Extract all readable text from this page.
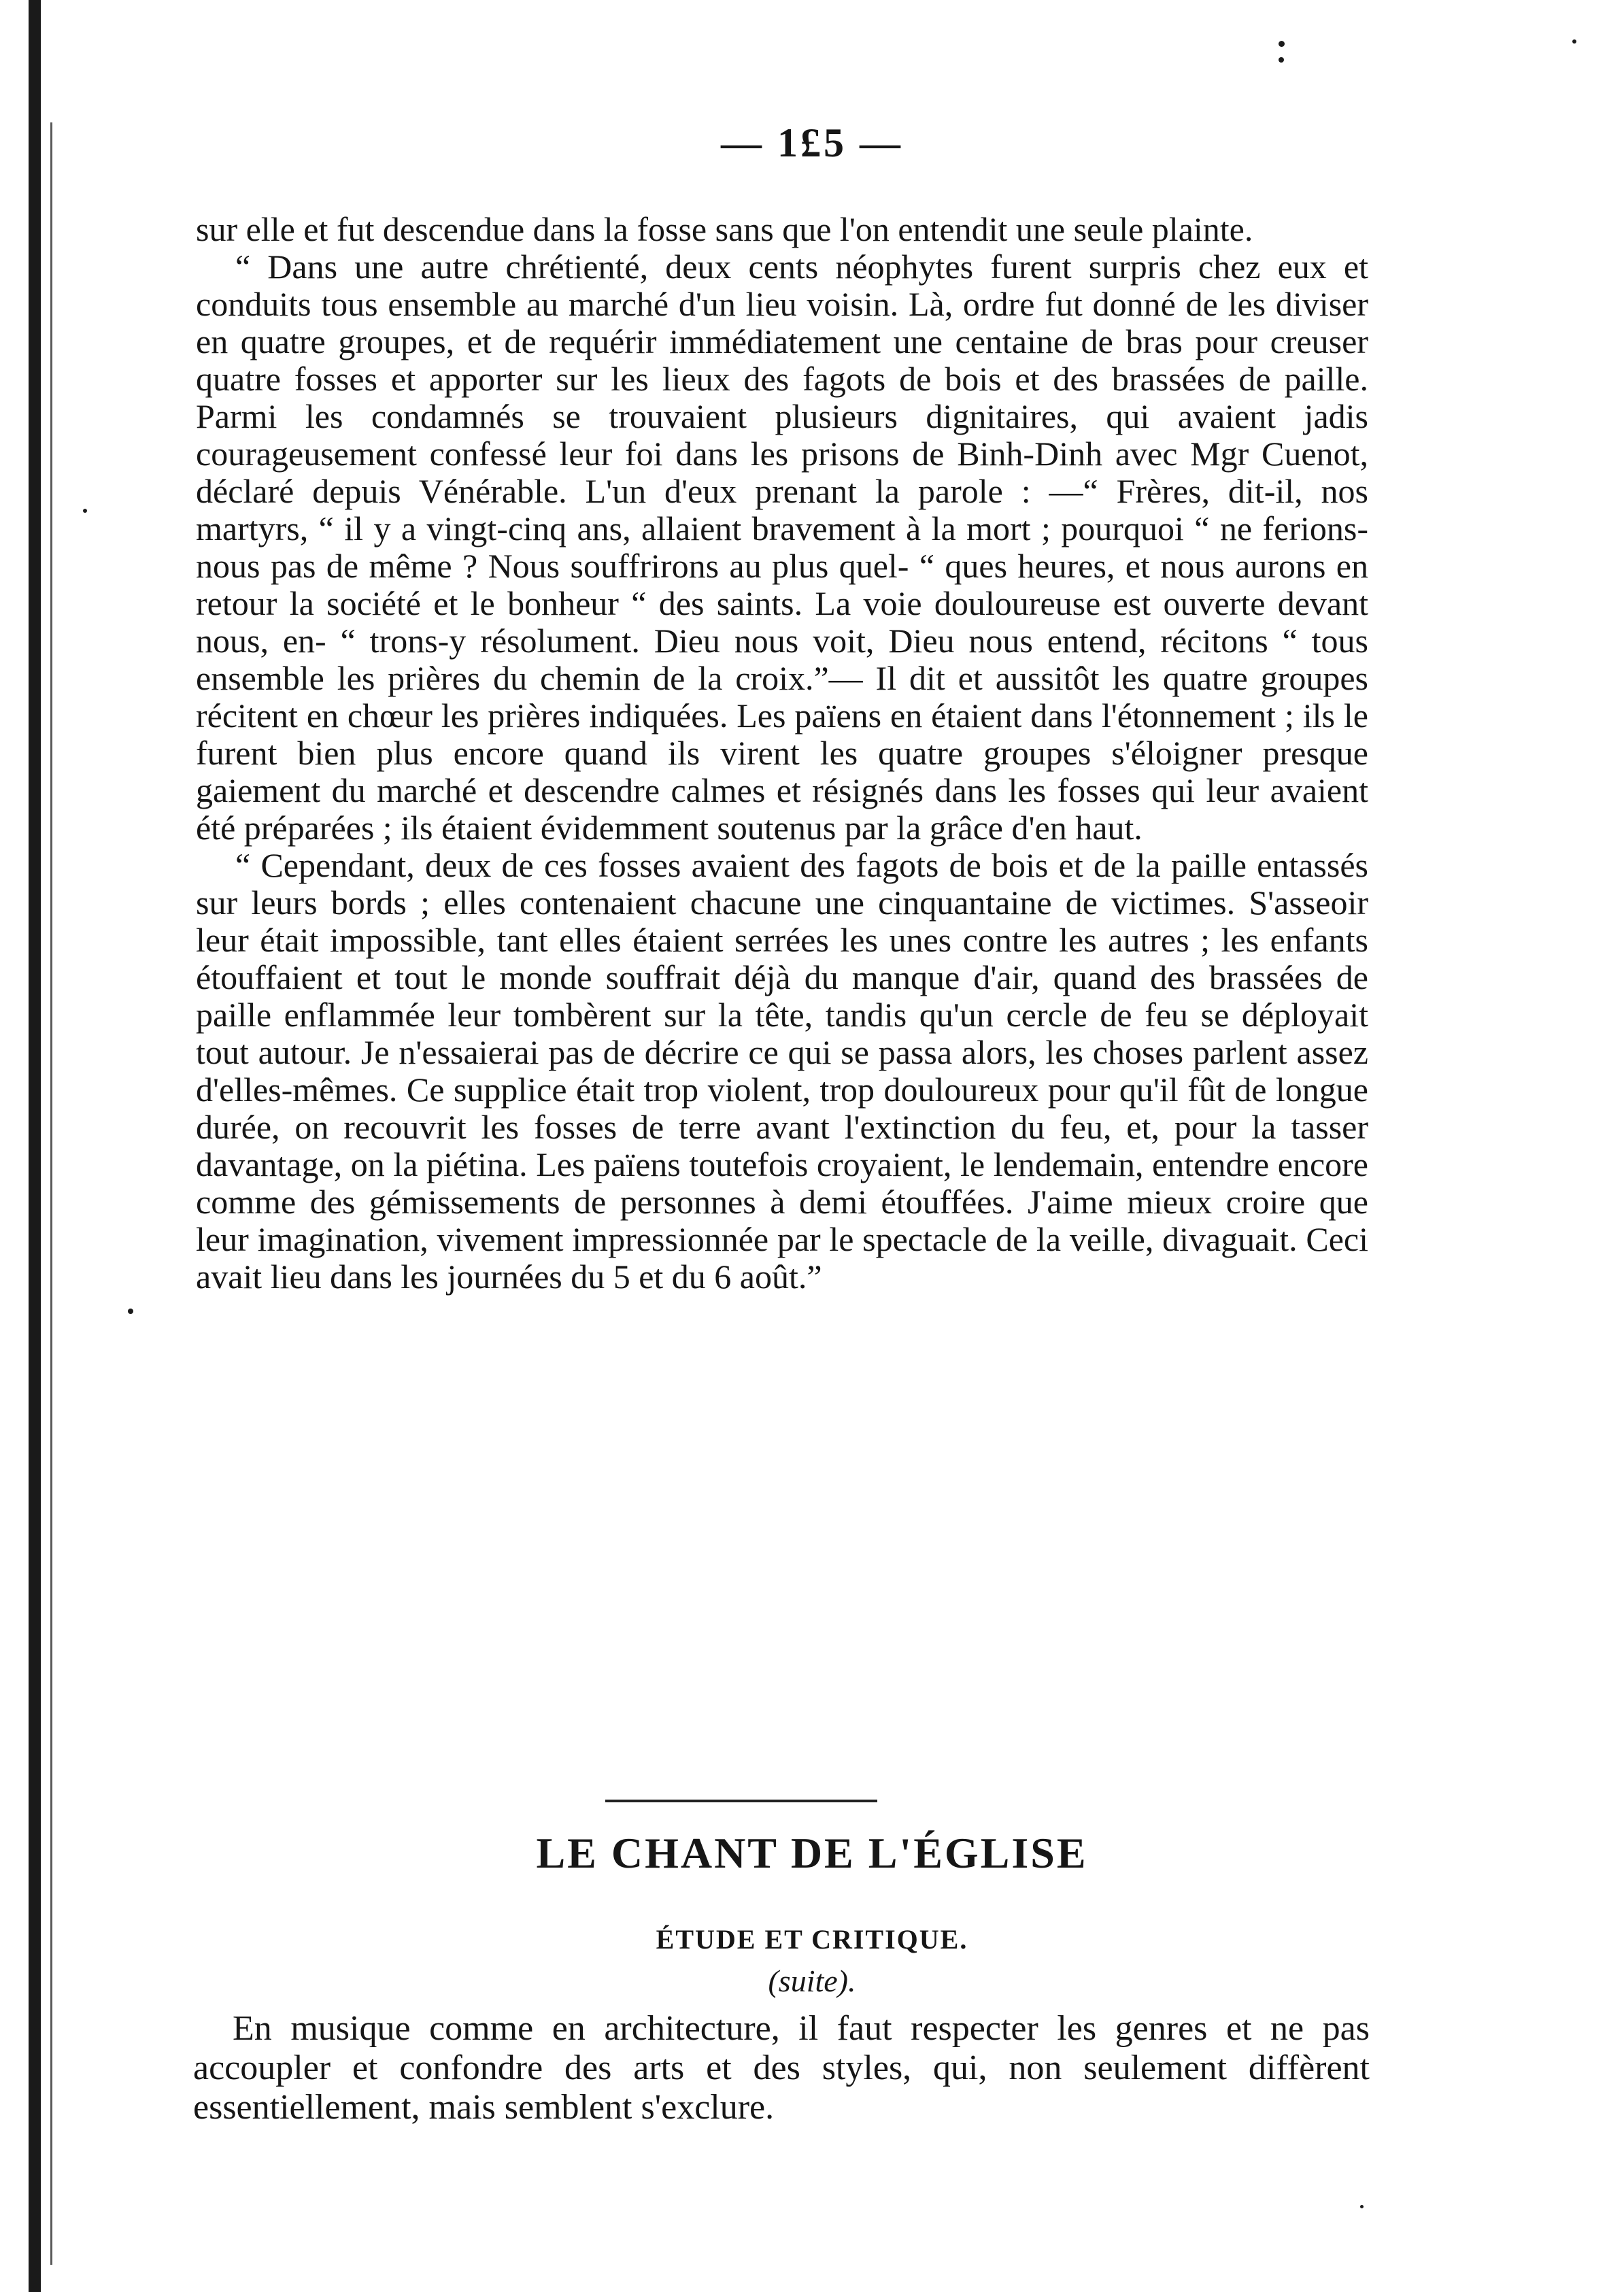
— 1£5 —

sur elle et fut descendue dans la fosse sans que l'on entendit une seule plainte.

“ Dans une autre chrétienté, deux cents néophytes furent surpris chez eux et conduits tous ensemble au marché d'un lieu voisin. Là, ordre fut donné de les diviser en quatre groupes, et de requérir immédiatement une centaine de bras pour creuser quatre fosses et apporter sur les lieux des fagots de bois et des brassées de paille. Parmi les condamnés se trouvaient plusieurs dignitaires, qui avaient jadis courageusement confessé leur foi dans les prisons de Binh-Dinh avec Mgr Cuenot, déclaré depuis Vénérable. L'un d'eux prenant la parole : —“ Frères, dit-il, nos martyrs, “ il y a vingt-cinq ans, allaient bravement à la mort ; pourquoi “ ne ferions-nous pas de même ? Nous souffrirons au plus quel- “ ques heures, et nous aurons en retour la société et le bonheur “ des saints. La voie douloureuse est ouverte devant nous, en- “ trons-y résolument. Dieu nous voit, Dieu nous entend, récitons “ tous ensemble les prières du chemin de la croix.”— Il dit et aussitôt les quatre groupes récitent en chœur les prières indiquées. Les païens en étaient dans l'étonnement ; ils le furent bien plus encore quand ils virent les quatre groupes s'éloigner presque gaiement du marché et descendre calmes et résignés dans les fosses qui leur avaient été préparées ; ils étaient évidemment soutenus par la grâce d'en haut.

“ Cependant, deux de ces fosses avaient des fagots de bois et de la paille entassés sur leurs bords ; elles contenaient chacune une cinquantaine de victimes. S'asseoir leur était impossible, tant elles étaient serrées les unes contre les autres ; les enfants étouffaient et tout le monde souffrait déjà du manque d'air, quand des brassées de paille enflammée leur tombèrent sur la tête, tandis qu'un cercle de feu se déployait tout autour. Je n'essaierai pas de décrire ce qui se passa alors, les choses parlent assez d'elles-mêmes. Ce supplice était trop violent, trop douloureux pour qu'il fût de longue durée, on recouvrit les fosses de terre avant l'extinction du feu, et, pour la tasser davantage, on la piétina. Les païens toutefois croyaient, le lendemain, entendre encore comme des gémissements de personnes à demi étouffées. J'aime mieux croire que leur imagination, vivement impressionnée par le spectacle de la veille, divaguait. Ceci avait lieu dans les journées du 5 et du 6 août.”

LE CHANT DE L'ÉGLISE
ÉTUDE ET CRITIQUE.
(suite).

En musique comme en architecture, il faut respecter les genres et ne pas accoupler et confondre des arts et des styles, qui, non seulement diffèrent essentiellement, mais semblent s'exclure.
